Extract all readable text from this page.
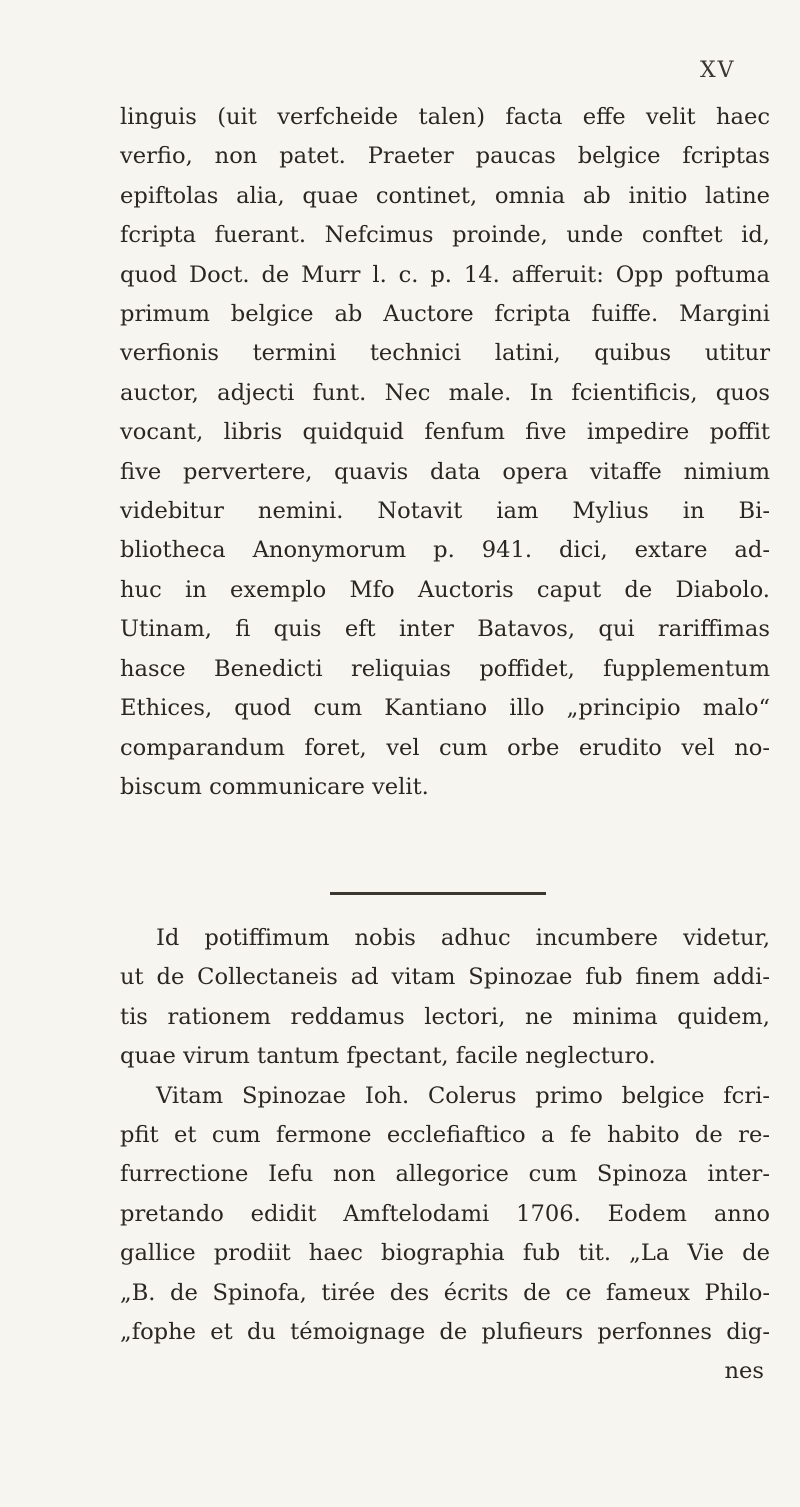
XV
linguis (uit verfcheide talen) facta effe velit haec
verfio, non patet. Praeter paucas belgice fcriptas
epiftolas alia, quae continet, omnia ab initio latine
fcripta fuerant. Nefcimus proinde, unde conftet id,
quod Doct. de Murr l. c. p. 14. afferuit: Opp poftuma
primum belgice ab Auctore fcripta fuiffe. Margini
verfionis termini technici latini, quibus utitur
auctor, adjecti funt. Nec male. In fcientificis, quos
vocant, libris quidquid fenfum five impedire poffit
five pervertere, quavis data opera vitaffe nimium
videbitur nemini. Notavit iam Mylius in Bi-
bliotheca Anonymorum p. 941. dici, extare ad-
huc in exemplo Mfo Auctoris caput de Diabolo.
Utinam, fi quis eft inter Batavos, qui rariffimas
hasce Benedicti reliquias poffidet, fupplementum
Ethices, quod cum Kantiano illo „principio malo“
comparandum foret, vel cum orbe erudito vel no-
biscum communicare velit.
Id potiffimum nobis adhuc incumbere videtur,
ut de Collectaneis ad vitam Spinozae fub finem addi-
tis rationem reddamus lectori, ne minima quidem,
quae virum tantum fpectant, facile neglecturo.
Vitam Spinozae Ioh. Colerus primo belgice fcri-
pfit et cum fermone ecclefiaftico a fe habito de re-
furrectione Iefu non allegorice cum Spinoza inter-
pretando edidit Amftelodami 1706. Eodem anno
gallice prodiit haec biographia fub tit. „La Vie de
„B. de Spinofa, tirée des écrits de ce fameux Philo-
„fophe et du témoignage de plufieurs perfonnes dig-
nes
